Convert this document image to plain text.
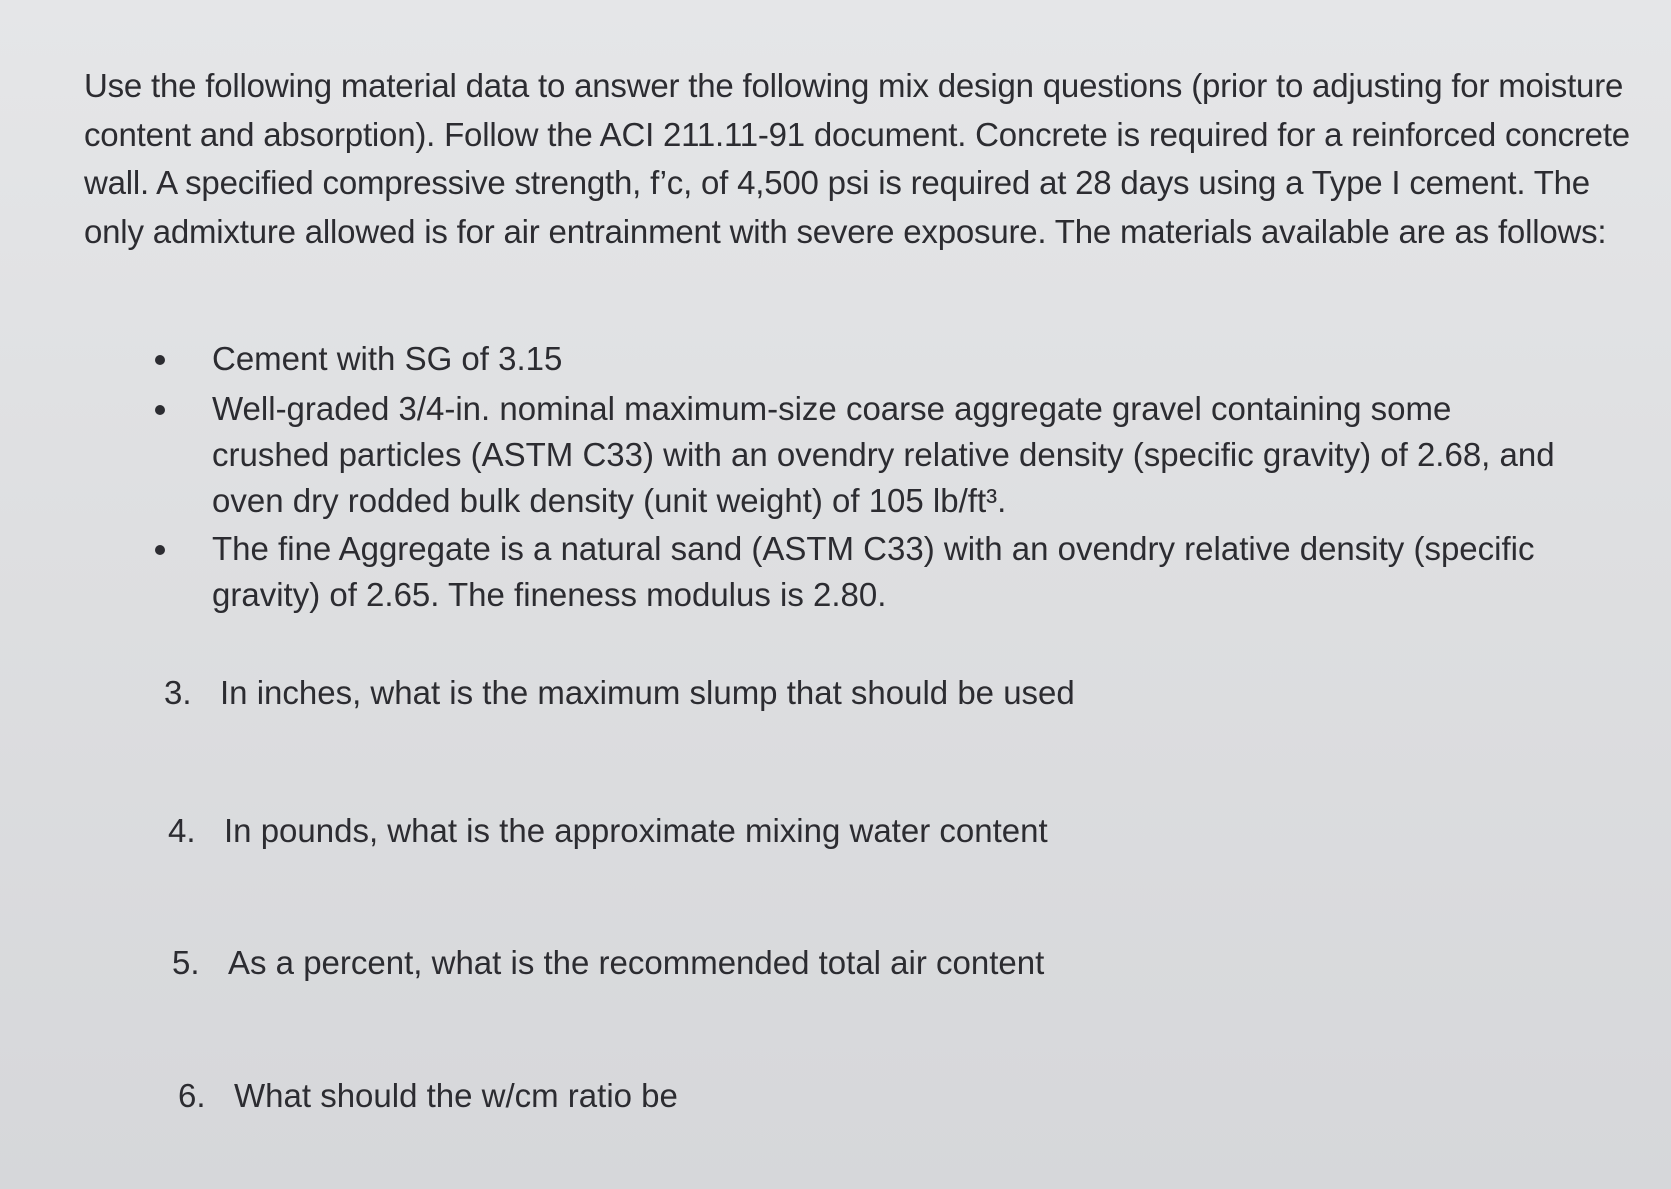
Use the following material data to answer the following mix design questions (prior to adjusting for moisture content and absorption). Follow the ACI 211.11-91 document. Concrete is required for a reinforced concrete wall. A specified compressive strength, f’c, of 4,500 psi is required at 28 days using a Type I cement. The only admixture allowed is for air entrainment with severe exposure. The materials available are as follows:

Cement with SG of 3.15
Well-graded 3/4-in. nominal maximum-size coarse aggregate gravel containing some crushed particles (ASTM C33) with an ovendry relative density (specific gravity) of 2.68, and oven dry rodded bulk density (unit weight) of 105 lb/ft³.
The fine Aggregate is a natural sand (ASTM C33) with an ovendry relative density (specific gravity) of 2.65. The fineness modulus is 2.80.

3. In inches, what is the maximum slump that should be used

4. In pounds, what is the approximate mixing water content

5. As a percent, what is the recommended total air content

6. What should the w/cm ratio be
